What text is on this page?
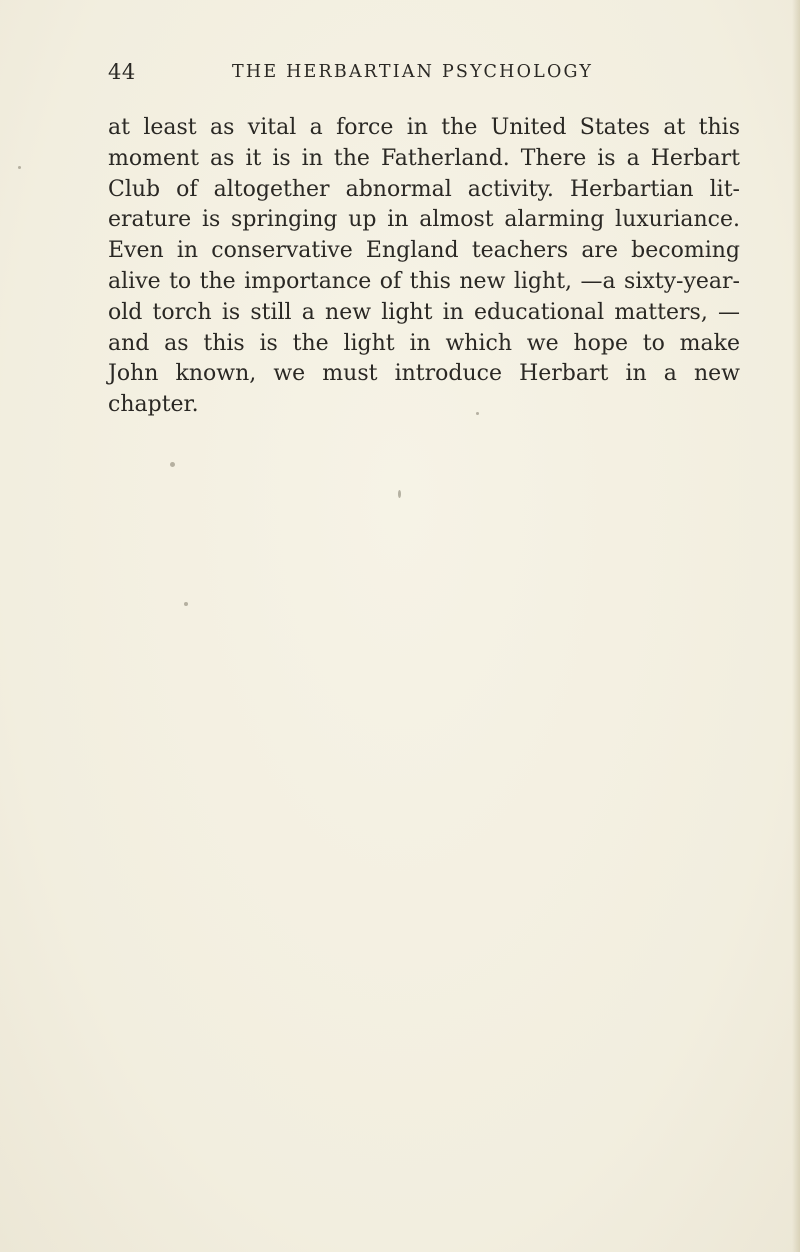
44	THE HERBARTIAN PSYCHOLOGY
at least as vital a force in the United States at this
moment as it is in the Fatherland. There is a Herbart
Club of altogether abnormal activity. Herbartian lit-
erature is springing up in almost alarming luxuriance.
Even in conservative England teachers are becoming
alive to the importance of this new light, —a sixty-year-
old torch is still a new light in educational matters, —
and as this is the light in which we hope to make
John known, we must introduce Herbart in a new
chapter.
